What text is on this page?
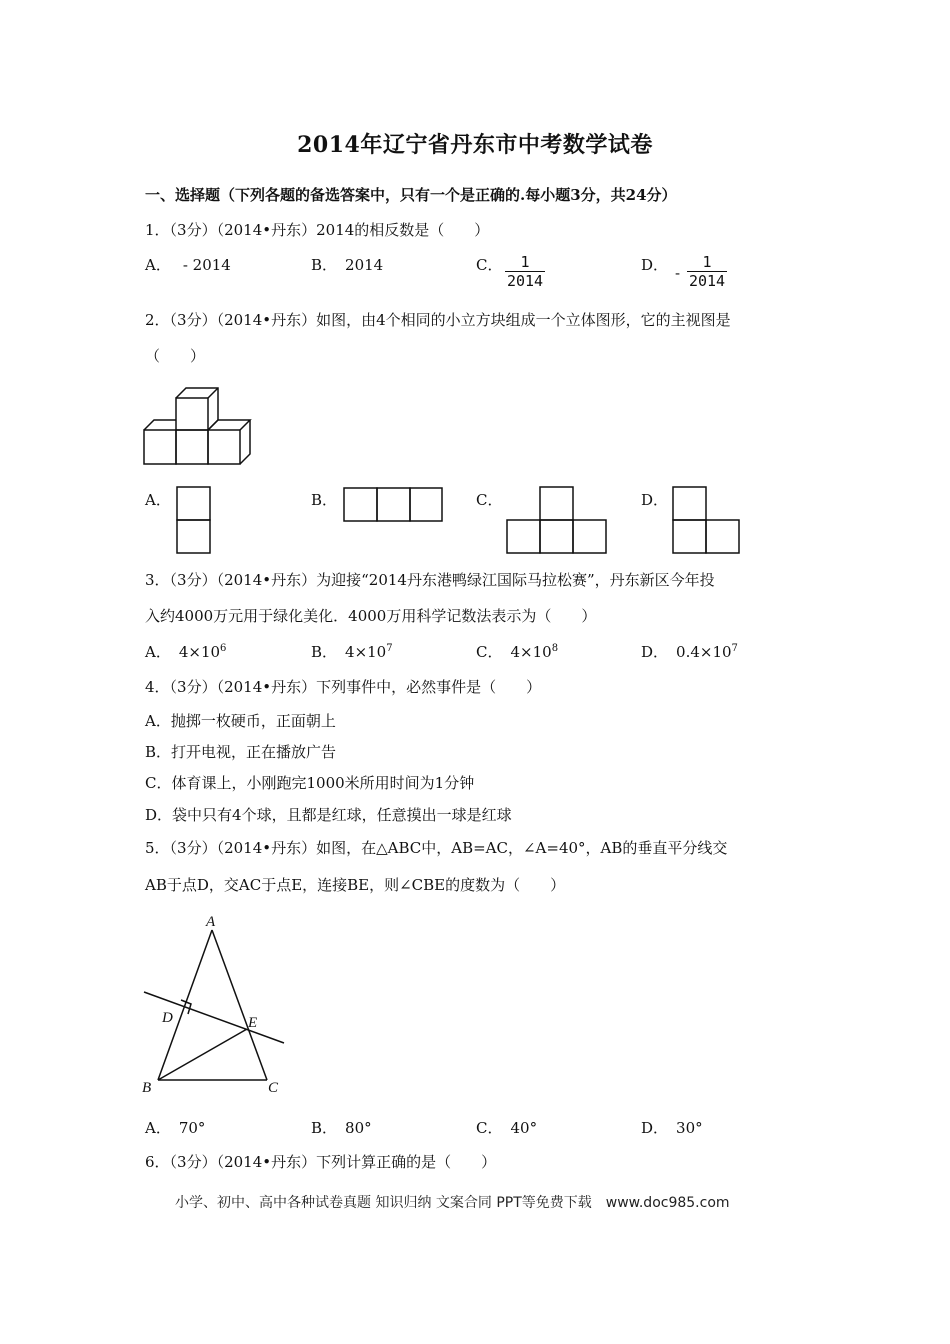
2014年辽宁省丹东市中考数学试卷
一、选择题（下列各题的备选答案中，只有一个是正确的.每小题3分，共24分）
1．（3分）（2014•丹东）2014的相反数是（　　）
A． - 2014	B． 2014	C．	1
2014
D． -
1
2014
2．（3分）（2014•丹东）如图，由4个相同的小立方块组成一个立体图形，它的主视图是
（　　）
A．	B．	C．	D．
3．（3分）（2014•丹东）为迎接“2014丹东港鸭绿江国际马拉松赛”，丹东新区今年投
入约4000万元用于绿化美化．4000万用科学记数法表示为（　　）
A． $4\times 10^6$	B． $4\times 10^7$	C． $4\times 10^8$	D． $0.4\times 10^7$
4．（3分）（2014•丹东）下列事件中，必然事件是（　　）
A．抛掷一枚硬币，正面朝上
B．打开电视，正在播放广告
C．体育课上，小刚跑完1000米所用时间为1分钟
D．袋中只有4个球，且都是红球，任意摸出一球是红球
5．（3分）（2014•丹东）如图，在△ABC中，AB=AC，∠A=40°，AB的垂直平分线交
AB于点D，交AC于点E，连接BE，则∠CBE的度数为（　　）
A
B	C
D	E
A． 70°	B． 80°	C． 40°	D． 30°
6．（3分）（2014•丹东）下列计算正确的是（　　）
小学、初中、高中各种试卷真题 知识归纳 文案合同 PPT等免费下载　www.doc985.com
